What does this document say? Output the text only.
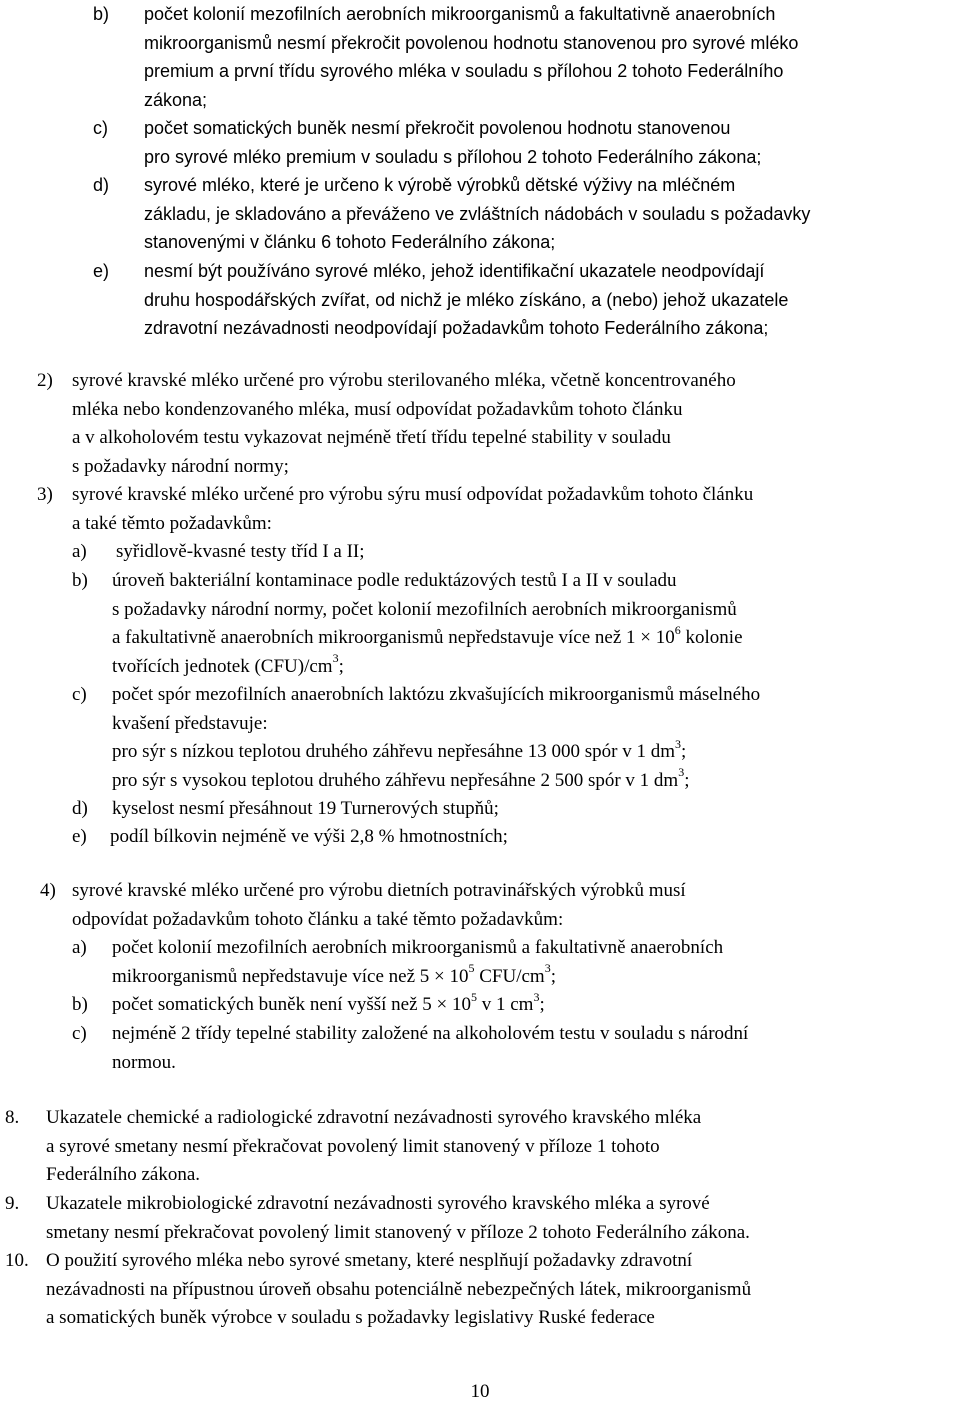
b) počet kolonií mezofilních aerobních mikroorganismů a fakultativně anaerobních
mikroorganismů nesmí překročit povolenou hodnotu stanovenou pro syrové mléko
premium a první třídu syrového mléka v souladu s přílohou 2 tohoto Federálního
zákona;
c) počet somatických buněk nesmí překročit povolenou hodnotu stanovenou
pro syrové mléko premium v souladu s přílohou 2 tohoto Federálního zákona;
d) syrové mléko, které je určeno k výrobě výrobků dětské výživy na mléčném
základu, je skladováno a převáženo ve zvláštních nádobách v souladu s požadavky
stanovenými v článku 6 tohoto Federálního zákona;
e) nesmí být používáno syrové mléko, jehož identifikační ukazatele neodpovídají
druhu hospodářských zvířat, od nichž je mléko získáno, a (nebo) jehož ukazatele
zdravotní nezávadnosti neodpovídají požadavkům tohoto Federálního zákona;
2) syrové kravské mléko určené pro výrobu sterilovaného mléka, včetně koncentrovaného
mléka nebo kondenzovaného mléka, musí odpovídat požadavkům tohoto článku
a v alkoholovém testu vykazovat nejméně třetí třídu tepelné stability v souladu
s požadavky národní normy;
3) syrové kravské mléko určené pro výrobu sýru musí odpovídat požadavkům tohoto článku
a také těmto požadavkům:
a) syřidlově-kvasné testy tříd I a II;
b) úroveň bakteriální kontaminace podle reduktázových testů I a II v souladu
s požadavky národní normy, počet kolonií mezofilních aerobních mikroorganismů
a fakultativně anaerobních mikroorganismů nepředstavuje více než $1 \times 10^6$ kolonie
tvořících jednotek $(CFU)/cm^3$;
c) počet spór mezofilních anaerobních laktózu zkvašujících mikroorganismů máselného
kvašení představuje:
pro sýr s nízkou teplotou druhého záhřevu nepřesáhne 13 000 spór v 1 $dm^3$;
pro sýr s vysokou teplotou druhého záhřevu nepřesáhne 2 500 spór v 1 $dm^3$;
d) kyselost nesmí přesáhnout 19 Turnerových stupňů;
e) podíl bílkovin nejméně ve výši 2,8 % hmotnostních;
4) syrové kravské mléko určené pro výrobu dietních potravinářských výrobků musí
odpovídat požadavkům tohoto článku a také těmto požadavkům:
a) počet kolonií mezofilních aerobních mikroorganismů a fakultativně anaerobních
mikroorganismů nepředstavuje více než $5 \times 10^5$ CFU/$cm^3$;
b) počet somatických buněk není vyšší než $5 \times 10^5$ v 1 $cm^3$;
c) nejméně 2 třídy tepelné stability založené na alkoholovém testu v souladu s národní
normou.
8. Ukazatele chemické a radiologické zdravotní nezávadnosti syrového kravského mléka
a syrové smetany nesmí překračovat povolený limit stanovený v příloze 1 tohoto
Federálního zákona.
9. Ukazatele mikrobiologické zdravotní nezávadnosti syrového kravského mléka a syrové
smetany nesmí překračovat povolený limit stanovený v příloze 2 tohoto Federálního zákona.
10. O použití syrového mléka nebo syrové smetany, které nesplňují požadavky zdravotní
nezávadnosti na přípustnou úroveň obsahu potenciálně nebezpečných látek, mikroorganismů
a somatických buněk výrobce v souladu s požadavky legislativy Ruské federace
10
